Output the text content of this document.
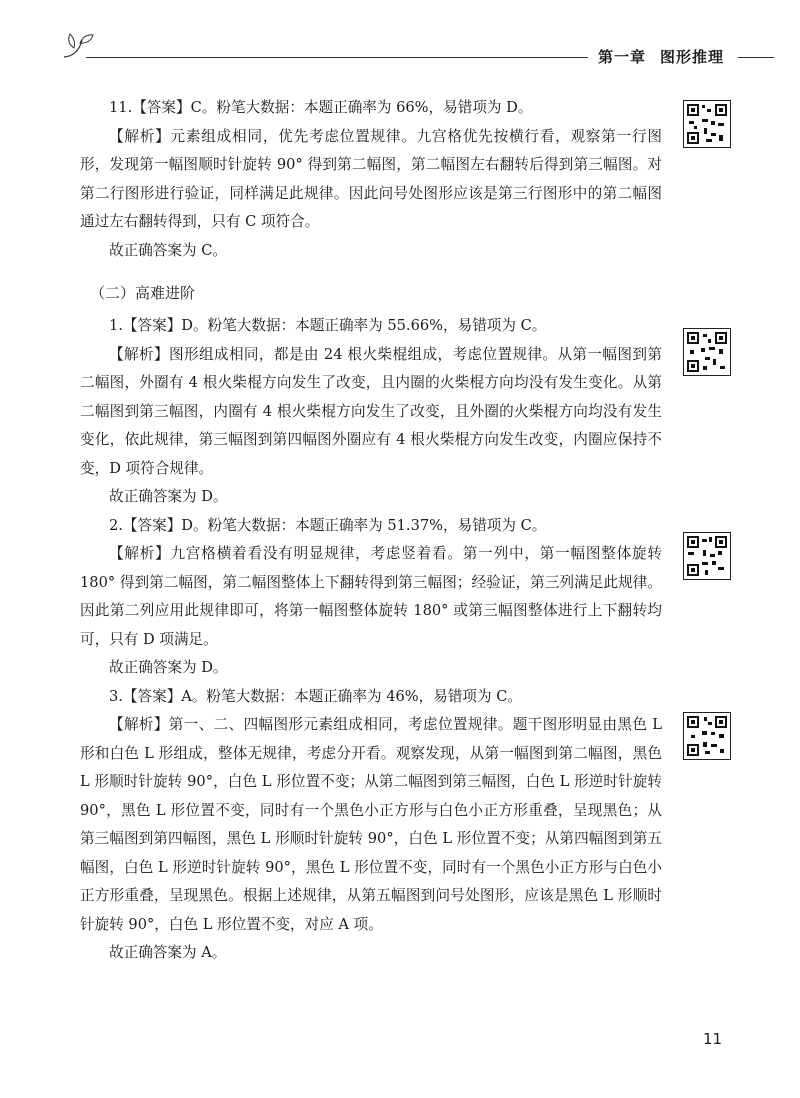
第一章 图形推理

11.【答案】C。粉笔大数据：本题正确率为 66%，易错项为 D。

【解析】元素组成相同，优先考虑位置规律。九宫格优先按横行看，观察第一行图形，发现第一幅图顺时针旋转 90° 得到第二幅图，第二幅图左右翻转后得到第三幅图。对第二行图形进行验证，同样满足此规律。因此问号处图形应该是第三行图形中的第二幅图通过左右翻转得到，只有 C 项符合。

故正确答案为 C。

（二）高难进阶

1.【答案】D。粉笔大数据：本题正确率为 55.66%，易错项为 C。

【解析】图形组成相同，都是由 24 根火柴棍组成，考虑位置规律。从第一幅图到第二幅图，外圈有 4 根火柴棍方向发生了改变，且内圈的火柴棍方向均没有发生变化。从第二幅图到第三幅图，内圈有 4 根火柴棍方向发生了改变，且外圈的火柴棍方向均没有发生变化，依此规律，第三幅图到第四幅图外圈应有 4 根火柴棍方向发生改变，内圈应保持不变，D 项符合规律。

故正确答案为 D。

2.【答案】D。粉笔大数据：本题正确率为 51.37%，易错项为 C。

【解析】九宫格横着看没有明显规律，考虑竖着看。第一列中，第一幅图整体旋转 180° 得到第二幅图，第二幅图整体上下翻转得到第三幅图；经验证，第三列满足此规律。因此第二列应用此规律即可，将第一幅图整体旋转 180° 或第三幅图整体进行上下翻转均可，只有 D 项满足。

故正确答案为 D。

3.【答案】A。粉笔大数据：本题正确率为 46%，易错项为 C。

【解析】第一、二、四幅图形元素组成相同，考虑位置规律。题干图形明显由黑色 L 形和白色 L 形组成，整体无规律，考虑分开看。观察发现，从第一幅图到第二幅图，黑色 L 形顺时针旋转 90°，白色 L 形位置不变；从第二幅图到第三幅图，白色 L 形逆时针旋转 90°，黑色 L 形位置不变，同时有一个黑色小正方形与白色小正方形重叠，呈现黑色；从第三幅图到第四幅图，黑色 L 形顺时针旋转 90°，白色 L 形位置不变；从第四幅图到第五幅图，白色 L 形逆时针旋转 90°，黑色 L 形位置不变，同时有一个黑色小正方形与白色小正方形重叠，呈现黑色。根据上述规律，从第五幅图到问号处图形，应该是黑色 L 形顺时针旋转 90°，白色 L 形位置不变，对应 A 项。

故正确答案为 A。

11
